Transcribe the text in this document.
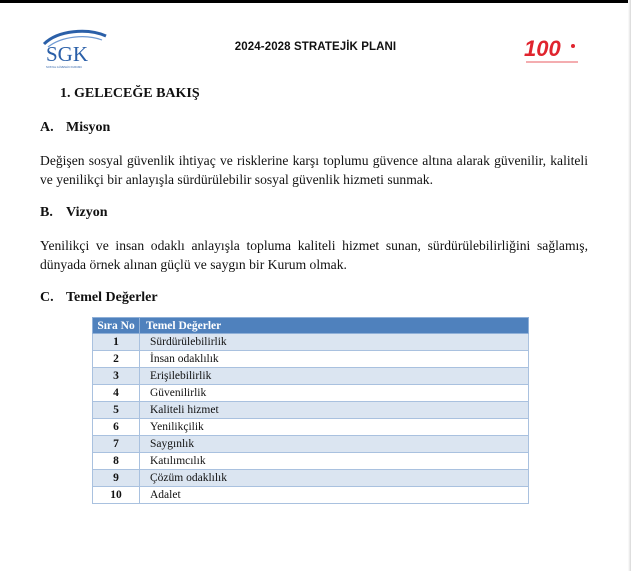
SGK
SOSYAL GÜVENLİK KURUMU
2024-2028 STRATEJİK PLANI	100
1. GELECEĞE BAKIŞ
A. Misyon

Değişen sosyal güvenlik ihtiyaç ve risklerine karşı toplumu güvence altına alarak güvenilir, kaliteli ve yenilikçi bir anlayışla sürdürülebilir sosyal güvenlik hizmeti sunmak.

B. Vizyon

Yenilikçi ve insan odaklı anlayışla topluma kaliteli hizmet sunan, sürdürülebilirliğini sağlamış, dünyada örnek alınan güçlü ve saygın bir Kurum olmak.

C. Temel Değerler
Sıra No	Temel Değerler
1	Sürdürülebilirlik
2	İnsan odaklılık
3	Erişilebilirlik
4	Güvenilirlik
5	Kaliteli hizmet
6	Yenilikçilik
7	Saygınlık
8	Katılımcılık
9	Çözüm odaklılık
10	Adalet
